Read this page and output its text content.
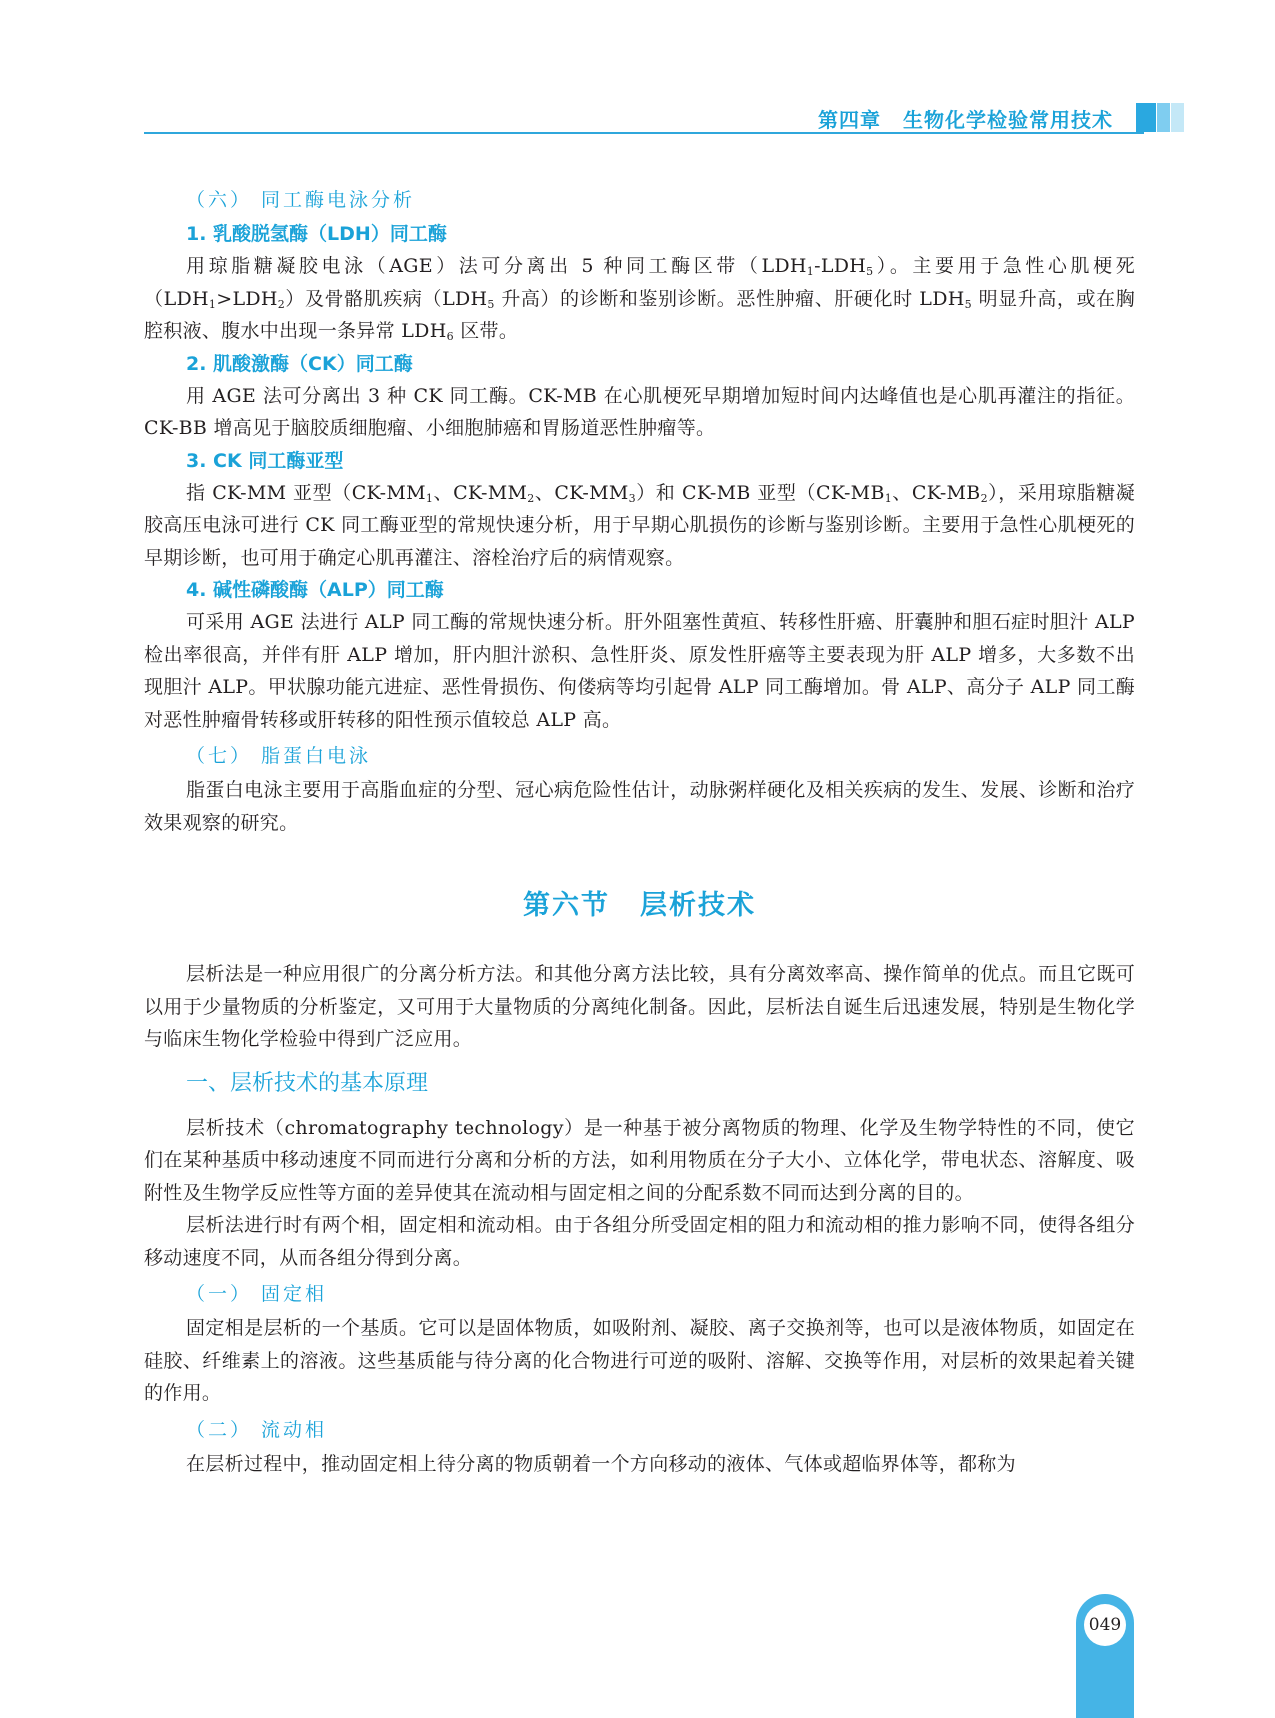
第四章 生物化学检验常用技术
（六） 同工酶电泳分析
1. 乳酸脱氢酶（LDH）同工酶

用琼脂糖凝胶电泳（AGE）法可分离出 5 种同工酶区带$(LDH_1-LDH_5)$。主要用于急性心肌梗死$(LDH_1>LDH_2)$及骨骼肌疾病（$LDH_5$ 升高）的诊断和鉴别诊断。恶性肿瘤、肝硬化时 $LDH_5$ 明显升高，或在胸腔积液、腹水中出现一条异常 $LDH_6$ 区带。

2. 肌酸激酶（CK）同工酶

用 AGE 法可分离出 3 种 CK 同工酶。CK-MB 在心肌梗死早期增加短时间内达峰值也是心肌再灌注的指征。CK-BB 增高见于脑胶质细胞瘤、小细胞肺癌和胃肠道恶性肿瘤等。

3. CK 同工酶亚型

指 CK-MM 亚型（$CK-MM_1$、$CK-MM_2$、$CK-MM_3$）和 CK-MB 亚型（$CK-MB_1$、$CK-MB_2$），采用琼脂糖凝胶高压电泳可进行 CK 同工酶亚型的常规快速分析，用于早期心肌损伤的诊断与鉴别诊断。主要用于急性心肌梗死的早期诊断，也可用于确定心肌再灌注、溶栓治疗后的病情观察。

4. 碱性磷酸酶（ALP）同工酶

可采用 AGE 法进行 ALP 同工酶的常规快速分析。肝外阻塞性黄疸、转移性肝癌、肝囊肿和胆石症时胆汁 ALP 检出率很高，并伴有肝 ALP 增加，肝内胆汁淤积、急性肝炎、原发性肝癌等主要表现为肝 ALP 增多，大多数不出现胆汁 ALP。甲状腺功能亢进症、恶性骨损伤、佝偻病等均引起骨 ALP 同工酶增加。骨 ALP、高分子 ALP 同工酶对恶性肿瘤骨转移或肝转移的阳性预示值较总 ALP 高。

（七） 脂蛋白电泳

脂蛋白电泳主要用于高脂血症的分型、冠心病危险性估计，动脉粥样硬化及相关疾病的发生、发展、诊断和治疗效果观察的研究。

第六节 层析技术

层析法是一种应用很广的分离分析方法。和其他分离方法比较，具有分离效率高、操作简单的优点。而且它既可以用于少量物质的分析鉴定，又可用于大量物质的分离纯化制备。因此，层析法自诞生后迅速发展，特别是生物化学与临床生物化学检验中得到广泛应用。

一、层析技术的基本原理

层析技术（chromatography technology）是一种基于被分离物质的物理、化学及生物学特性的不同，使它们在某种基质中移动速度不同而进行分离和分析的方法，如利用物质在分子大小、立体化学，带电状态、溶解度、吸附性及生物学反应性等方面的差异使其在流动相与固定相之间的分配系数不同而达到分离的目的。

层析法进行时有两个相，固定相和流动相。由于各组分所受固定相的阻力和流动相的推力影响不同，使得各组分移动速度不同，从而各组分得到分离。

（一） 固定相

固定相是层析的一个基质。它可以是固体物质，如吸附剂、凝胶、离子交换剂等，也可以是液体物质，如固定在硅胶、纤维素上的溶液。这些基质能与待分离的化合物进行可逆的吸附、溶解、交换等作用，对层析的效果起着关键的作用。

（二） 流动相

在层析过程中，推动固定相上待分离的物质朝着一个方向移动的液体、气体或超临界体等，都称为

049
